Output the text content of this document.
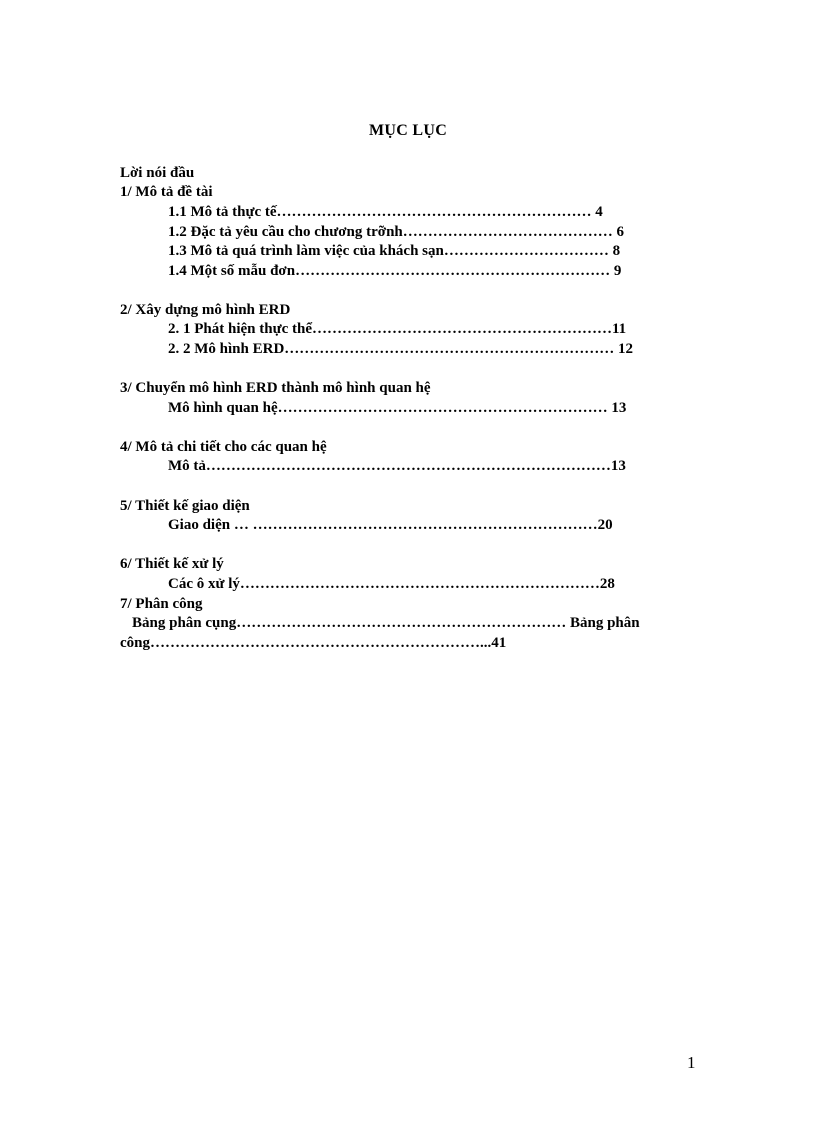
MỤC LỤC
Lời nói đầu
1/ Mô tả đề tài
1.1 Mô tả thực tế……………………………………………………… 4
1.2 Đặc tả yêu cầu cho chương trỡnh…………………………………… 6
1.3 Mô tả quá trình làm việc của khách sạn…………………………… 8
1.4 Một số mẫu đơn……………………………………………………… 9
2/ Xây dựng mô hình ERD
2. 1 Phát hiện thực thể……………………………………………………11
2. 2 Mô hình ERD………………………………………………………… 12
3/ Chuyển mô hình ERD thành mô hình quan hệ
Mô hình quan hệ………………………………………………………… 13
4/ Mô tả chi tiết cho các quan hệ
Mô tả………………………………………………………………………13
5/ Thiết kế giao diện
Giao diện … ……………………………………………………………20
6/ Thiết kế xử lý
Các ô xử lý………………………………………………………………28
7/ Phân công
Bảng phân cụng………………………………………………………… Bảng phân
công…………………………………………………………...41
1
